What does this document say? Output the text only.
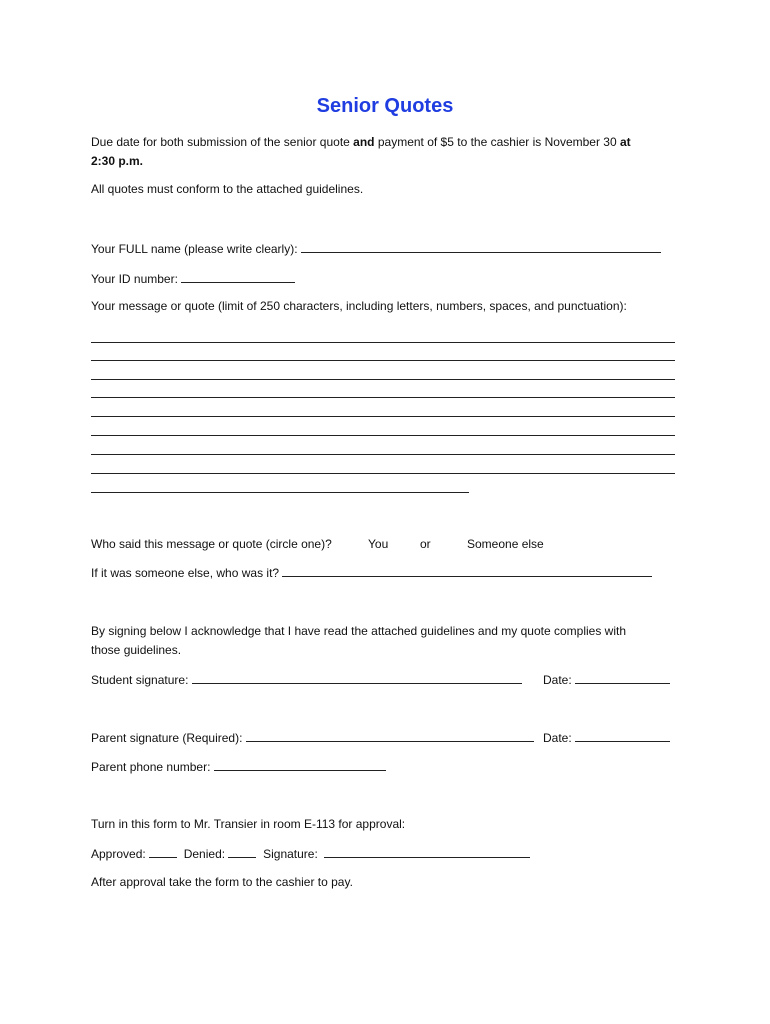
Senior Quotes
Due date for both submission of the senior quote and payment of $5 to the cashier is November 30 at
2:30 p.m.
All quotes must conform to the attached guidelines.
Your FULL name (please write clearly):
Your ID number:
Your message or quote (limit of 250 characters, including letters, numbers, spaces, and punctuation):
Who said this message or quote (circle one)?	You	or	Someone else
If it was someone else, who was it?
By signing below I acknowledge that I have read the attached guidelines and my quote complies with
those guidelines.
Student signature:	Date:
Parent signature (Required):	Date:
Parent phone number:
Turn in this form to Mr. Transier in room E-113 for approval:
Approved:	Denied:	Signature:
After approval take the form to the cashier to pay.
